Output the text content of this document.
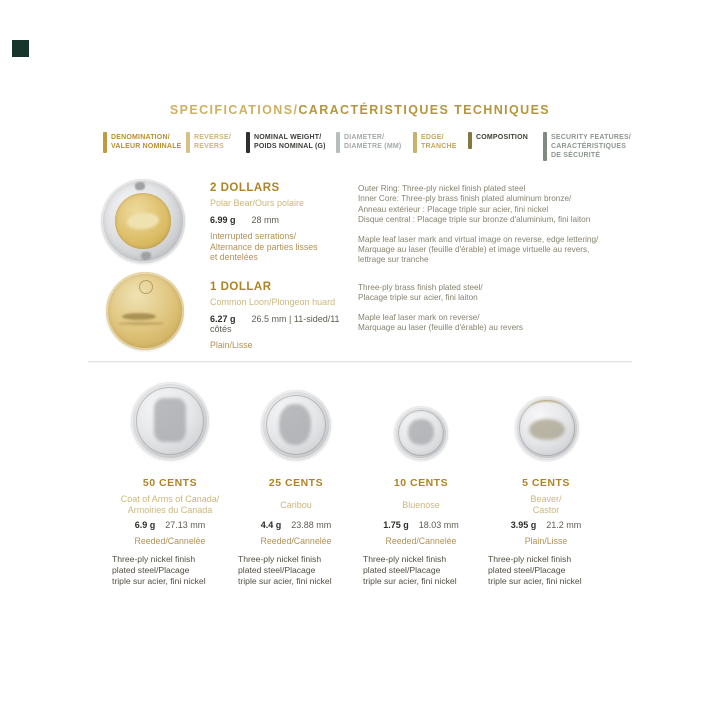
SPECIFICATIONS/CARACTÉRISTIQUES TECHNIQUES
DENOMINATION/
VALEUR NOMINALE
REVERSE/
REVERS
NOMINAL WEIGHT/
POIDS NOMINAL (G)
DIAMETER/
DIAMÈTRE (MM)
EDGE/
TRANCHE
COMPOSITION	SECURITY FEATURES/
CARACTÉRISTIQUES
DE SÉCURITÉ
2 DOLLARS
Polar Bear/Ours polaire
6.99 g 28 mm
Interrupted serrations/
Alternance de parties lisses
et dentelées
Outer Ring: Three-ply nickel finish plated steel
Inner Core: Three-ply brass finish plated aluminum bronze/
Anneau extérieur : Placage triple sur acier, fini nickel
Disque central : Placage triple sur bronze d'aluminium, fini laiton
Maple leaf laser mark and virtual image on reverse, edge lettering/
Marquage au laser (feuille d'érable) et image virtuelle au revers,
lettrage sur tranche
1 DOLLAR
Common Loon/Plongeon huard
6.27 g 26.5 mm | 11-sided/11 côtés
Plain/Lisse
Three-ply brass finish plated steel/
Placage triple sur acier, fini laiton
Maple leaf laser mark on reverse/
Marquage au laser (feuille d'érable) au revers
50 CENTS
Coat of Arms of Canada/
Armoiries du Canada
6.9 g 27.13 mm
Reeded/Cannelée
Three-ply nickel finish
plated steel/Placage
triple sur acier, fini nickel
25 CENTS
Caribou
4.4 g 23.88 mm
Reeded/Cannelée
Three-ply nickel finish
plated steel/Placage
triple sur acier, fini nickel
10 CENTS
Bluenose
1.75 g 18.03 mm
Reeded/Cannelée
Three-ply nickel finish
plated steel/Placage
triple sur acier, fini nickel
5 CENTS
Beaver/
Castor
3.95 g 21.2 mm
Plain/Lisse
Three-ply nickel finish
plated steel/Placage
triple sur acier, fini nickel
